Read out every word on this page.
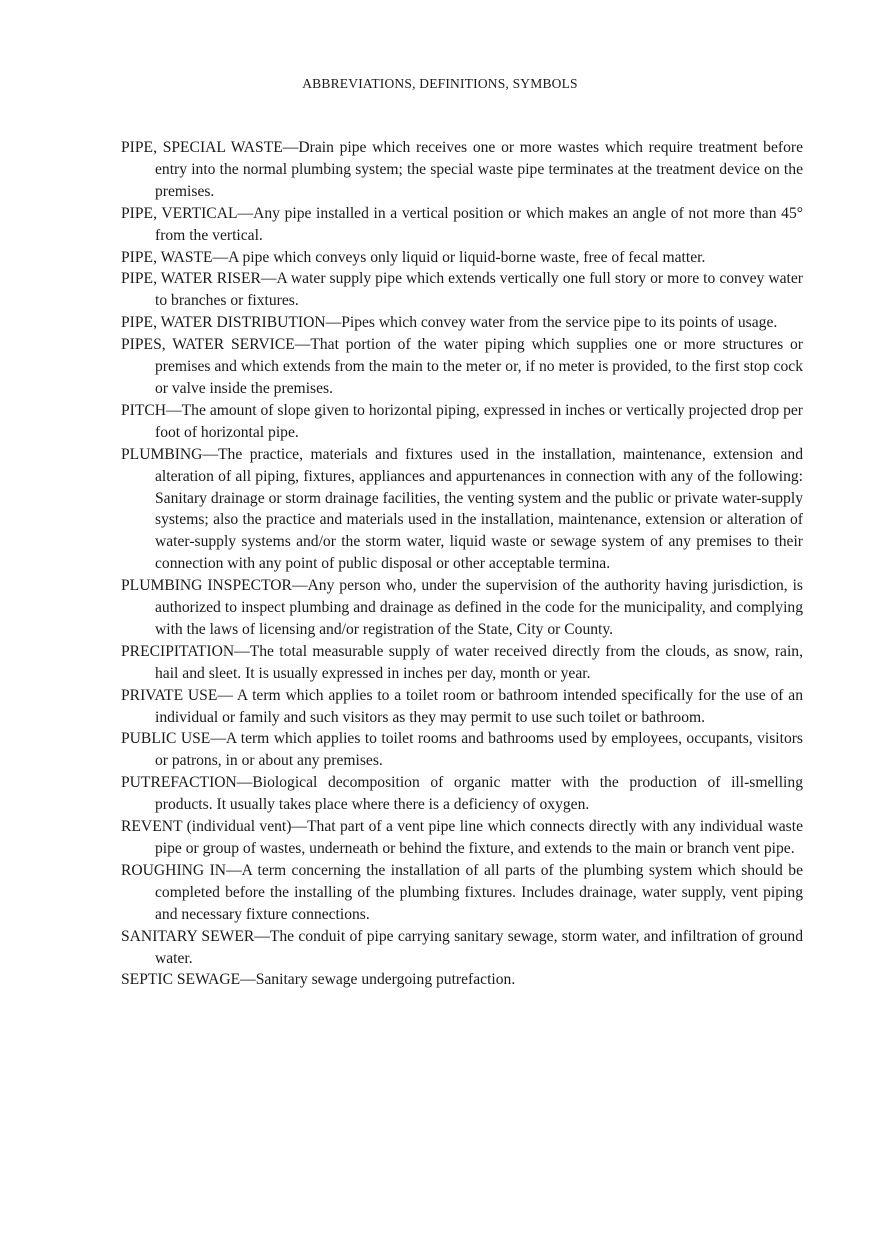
ABBREVIATIONS, DEFINITIONS, SYMBOLS
PIPE, SPECIAL WASTE—Drain pipe which receives one or more wastes which require treatment before entry into the normal plumbing system; the special waste pipe terminates at the treatment device on the premises.
PIPE, VERTICAL—Any pipe installed in a vertical position or which makes an angle of not more than 45° from the vertical.
PIPE, WASTE—A pipe which conveys only liquid or liquid-borne waste, free of fecal matter.
PIPE, WATER RISER—A water supply pipe which extends vertically one full story or more to convey water to branches or fixtures.
PIPE, WATER DISTRIBUTION—Pipes which convey water from the service pipe to its points of usage.
PIPES, WATER SERVICE—That portion of the water piping which supplies one or more structures or premises and which extends from the main to the meter or, if no meter is provided, to the first stop cock or valve inside the premises.
PITCH—The amount of slope given to horizontal piping, expressed in inches or vertically projected drop per foot of horizontal pipe.
PLUMBING—The practice, materials and fixtures used in the installation, maintenance, extension and alteration of all piping, fixtures, appliances and appurtenances in connection with any of the following: Sanitary drainage or storm drainage facilities, the venting system and the public or private water-supply systems; also the practice and materials used in the installation, maintenance, extension or alteration of water-supply systems and/or the storm water, liquid waste or sewage system of any premises to their connection with any point of public disposal or other acceptable termina.
PLUMBING INSPECTOR—Any person who, under the supervision of the authority having jurisdiction, is authorized to inspect plumbing and drainage as defined in the code for the municipality, and complying with the laws of licensing and/or registration of the State, City or County.
PRECIPITATION—The total measurable supply of water received directly from the clouds, as snow, rain, hail and sleet. It is usually expressed in inches per day, month or year.
PRIVATE USE— A term which applies to a toilet room or bathroom intended specifically for the use of an individual or family and such visitors as they may permit to use such toilet or bathroom.
PUBLIC USE—A term which applies to toilet rooms and bathrooms used by employees, occupants, visitors or patrons, in or about any premises.
PUTREFACTION—Biological decomposition of organic matter with the production of ill-smelling products. It usually takes place where there is a deficiency of oxygen.
REVENT (individual vent)—That part of a vent pipe line which connects directly with any individual waste pipe or group of wastes, underneath or behind the fixture, and extends to the main or branch vent pipe.
ROUGHING IN—A term concerning the installation of all parts of the plumbing system which should be completed before the installing of the plumbing fixtures. Includes drainage, water supply, vent piping and necessary fixture connections.
SANITARY SEWER—The conduit of pipe carrying sanitary sewage, storm water, and infiltration of ground water.
SEPTIC SEWAGE—Sanitary sewage undergoing putrefaction.
